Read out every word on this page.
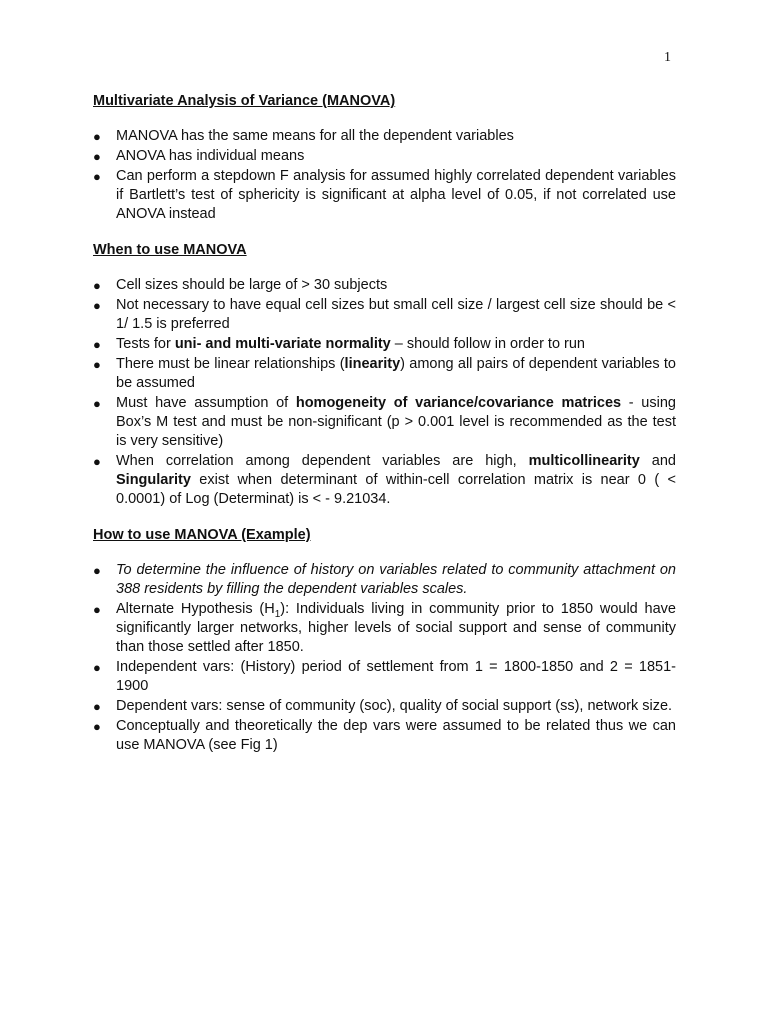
1
Multivariate Analysis of Variance (MANOVA)
●	MANOVA has the same means for all the dependent variables
●	ANOVA has individual means
●	Can perform a stepdown F analysis for assumed highly correlated dependent variables if Bartlett’s test of sphericity is significant at alpha level of 0.05, if not correlated use ANOVA instead
When to use MANOVA
●	Cell sizes should be large of > 30 subjects
●	Not necessary to have equal cell sizes but small cell size / largest cell size should be < 1/ 1.5 is preferred
●	Tests for uni- and multi-variate normality – should follow in order to run
●	There must be linear relationships (linearity) among all pairs of dependent variables to be assumed
●	Must have assumption of homogeneity of variance/covariance matrices - using Box’s M test and must be non-significant (p > 0.001 level is recommended as the test is very sensitive)
●	When correlation among dependent variables are high, multicollinearity and Singularity exist when determinant of within-cell correlation matrix is near 0 ( < 0.0001) of Log (Determinat) is < - 9.21034.
How to use MANOVA (Example)
●	To determine the influence of history on variables related to community attachment on 388 residents by filling the dependent variables scales.
●	Alternate Hypothesis $(H_1)$: Individuals living in community prior to 1850 would have significantly larger networks, higher levels of social support and sense of community than those settled after 1850.
●	Independent vars: (History) period of settlement from 1 = 1800-1850 and 2 = 1851-1900
●	Dependent vars: sense of community (soc), quality of social support (ss), network size.
●	Conceptually and theoretically the dep vars were assumed to be related thus we can use MANOVA (see Fig 1)
